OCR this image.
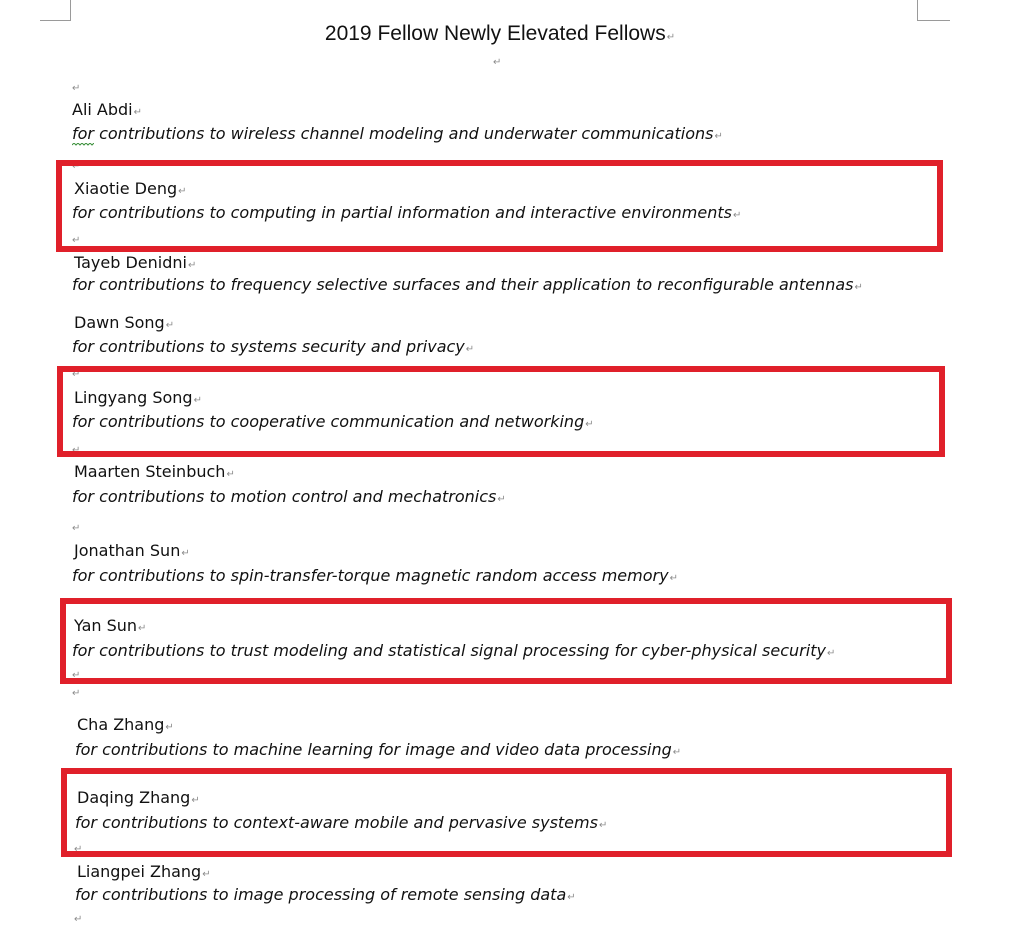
2019 Fellow Newly Elevated Fellows↵
↵
↵
↵
↵
↵
↵
↵
↵
↵
↵
↵
Ali Abdi↵
for contributions to wireless channel modeling and underwater communications↵
Xiaotie Deng↵
for contributions to computing in partial information and interactive environments↵
Tayeb Denidni↵
for contributions to frequency selective surfaces and their application to reconfigurable antennas↵
Dawn Song↵
for contributions to systems security and privacy↵
Lingyang Song↵
for contributions to cooperative communication and networking↵
Maarten Steinbuch↵
for contributions to motion control and mechatronics↵
Jonathan Sun↵
for contributions to spin-transfer-torque magnetic random access memory↵
Yan Sun↵
for contributions to trust modeling and statistical signal processing for cyber-physical security↵
Cha Zhang↵
for contributions to machine learning for image and video data processing↵
Daqing Zhang↵
for contributions to context-aware mobile and pervasive systems↵
Liangpei Zhang↵
for contributions to image processing of remote sensing data↵
